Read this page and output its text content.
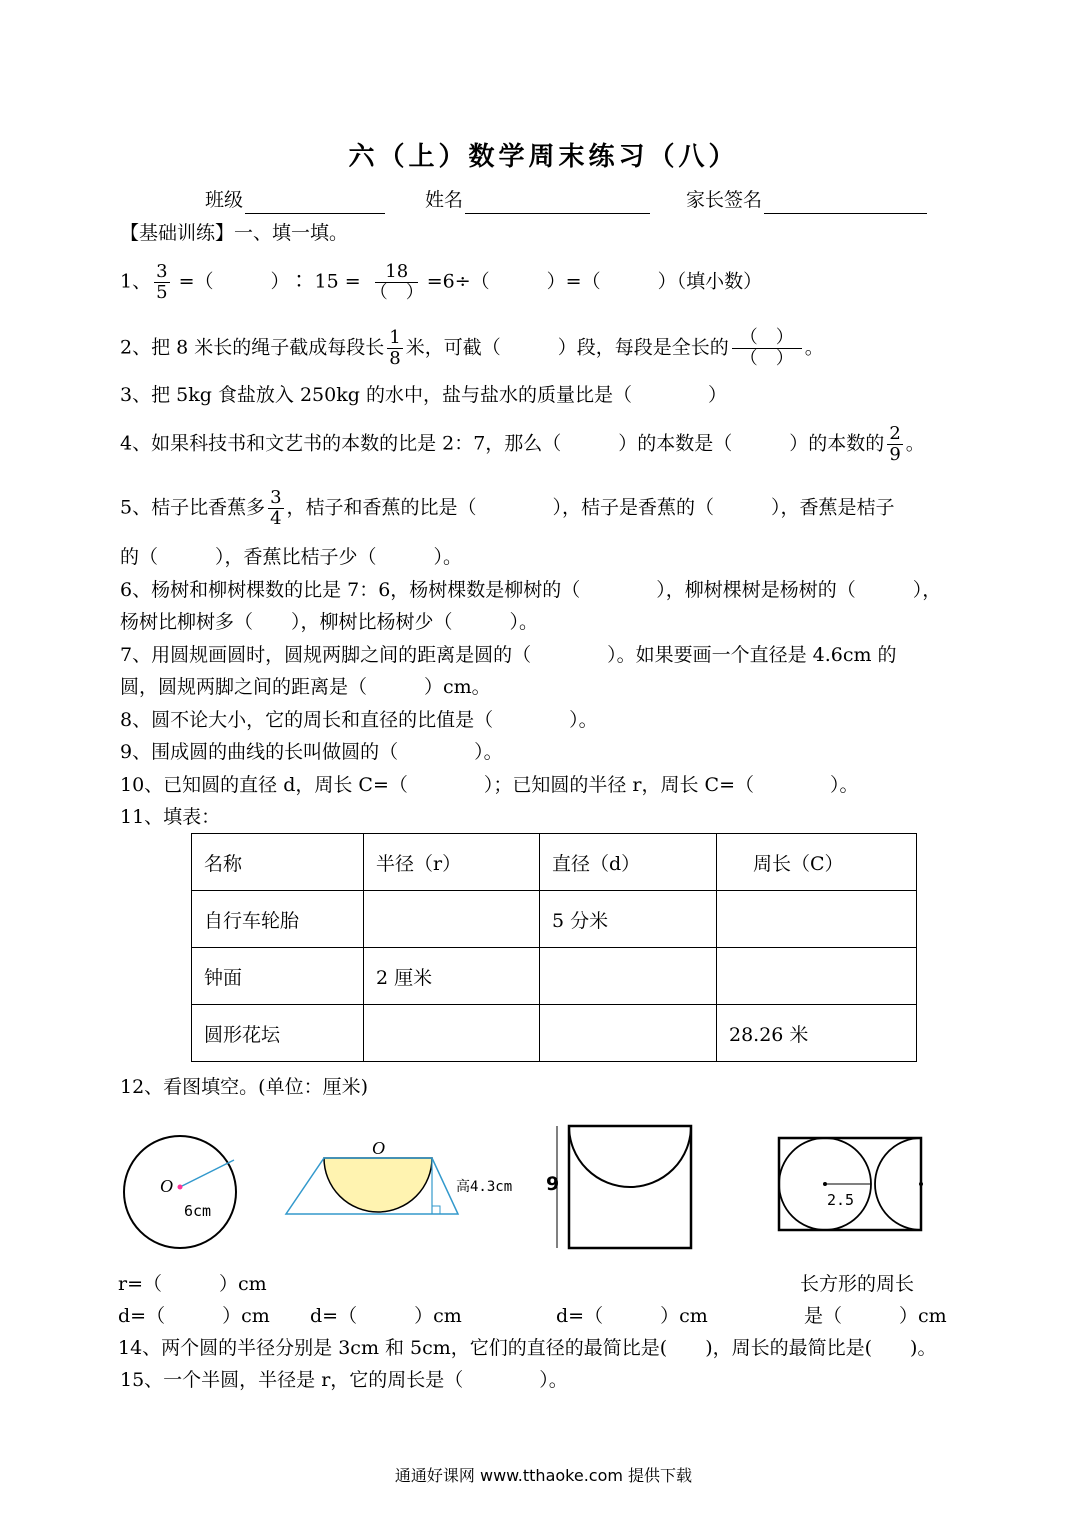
六（上）数学周末练习（八）
班级	姓名	家长签名
【基础训练】一、填一填。
1、 $\frac{3}{5}$ =（　　　）∶ $15 = \frac{18}{( )} =6\div$（　　　）=（　　　）（填小数）
2、把 8 米长的绳子截成每段长 $\frac{1}{8}$ 米，可截（　　　）段，每段是全长的 $\frac{( )}{( )}$ 。
3、把 5kg 食盐放入 250kg 的水中，盐与盐水的质量比是（　　　　）
4、如果科技书和文艺书的本数的比是 2：7，那么（　　　）的本数是（　　　）的本数的 $\frac{2}{9}$ 。
5、桔子比香蕉多 $\frac{3}{4}$ ，桔子和香蕉的比是（　　　　），桔子是香蕉的（　　　），香蕉是桔子
的（　　　），香蕉比桔子少（　　　）。
6、杨树和柳树棵数的比是 7：6，杨树棵数是柳树的（　　　　），柳树棵树是杨树的（　　　），
杨树比柳树多（　　），柳树比杨树少（　　　）。
7、用圆规画圆时，圆规两脚之间的距离是圆的（　　　　）。如果要画一个直径是 4.6cm 的
圆，圆规两脚之间的距离是（　　　）cm。
8、圆不论大小，它的周长和直径的比值是（　　　　）。
9、围成圆的曲线的长叫做圆的（　　　　）。
10、已知圆的直径 d，周长 C=（　　　　）；已知圆的半径 r，周长 C=（　　　　）。
11、填表：
名称	半径（r）	直径（d）	周长（C）
自行车轮胎		5 分米	
钟面	2 厘米		
圆形花坛			28.26 米
12、看图填空。(单位：厘米)
O
6cm
O
高4.3cm 9
2.5
r=（　　　）cm	长方形的周长
d=（　　　）cm d=（　　　）cm	d=（　　　）cm	是（　　　）cm
14、两个圆的半径分别是 3cm 和 5cm，它们的直径的最简比是(　　)，周长的最简比是(　　)。
15、一个半圆，半径是 r，它的周长是（　　　　）。
通通好课网 www.tthaoke.com 提供下载
